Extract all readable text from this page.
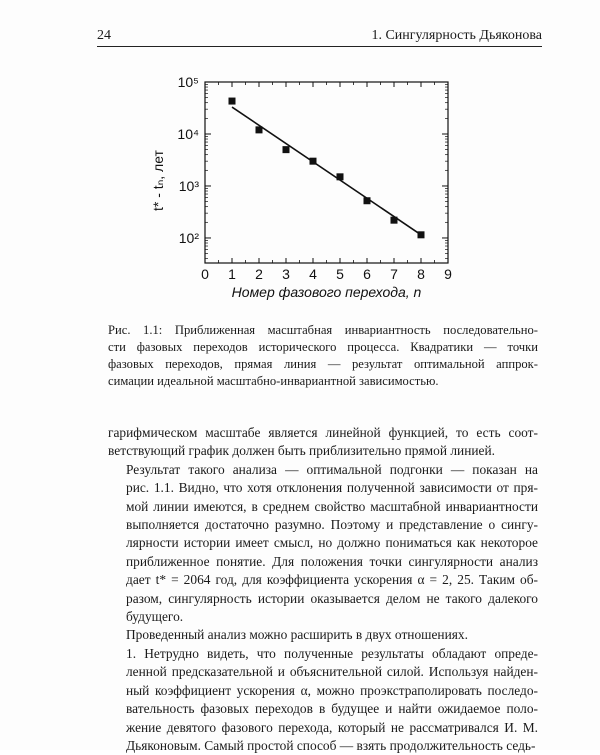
24	1. Сингулярность Дьяконова
0 1 2 3 4 5 6 7 8 9
10²
10³
10⁴
10⁵
Номер фазового перехода, n
t* - tₙ, лет
Рис. 1.1: Приближенная масштабная инвариантность последовательно-
сти фазовых переходов исторического процесса. Квадратики — точки
фазовых переходов, прямая линия — результат оптимальной аппрок-
симации идеальной масштабно-инвариантной зависимостью.

гарифмическом масштабе является линейной функцией, то есть соот-
ветствующий график должен быть приблизительно прямой линией.

Результат такого анализа — оптимальной подгонки — показан на
рис. 1.1. Видно, что хотя отклонения полученной зависимости от пря-
мой линии имеются, в среднем свойство масштабной инвариантности
выполняется достаточно разумно. Поэтому и представление о сингу-
лярности истории имеет смысл, но должно пониматься как некоторое
приближенное понятие. Для положения точки сингулярности анализ
дает t* = 2064 год, для коэффициента ускорения α = 2, 25. Таким об-
разом, сингулярность истории оказывается делом не такого далекого
будущего.

Проведенный анализ можно расширить в двух отношениях.

1. Нетрудно видеть, что полученные результаты обладают опреде-
ленной предсказательной и объяснительной силой. Используя найден-
ный коэффициент ускорения α, можно проэкстраполировать последо-
вательность фазовых переходов в будущее и найти ожидаемое поло-
жение девятого фазового перехода, который не рассматривался И. М.
Дьяконовым. Самый простой способ — взять продолжительность седь-
